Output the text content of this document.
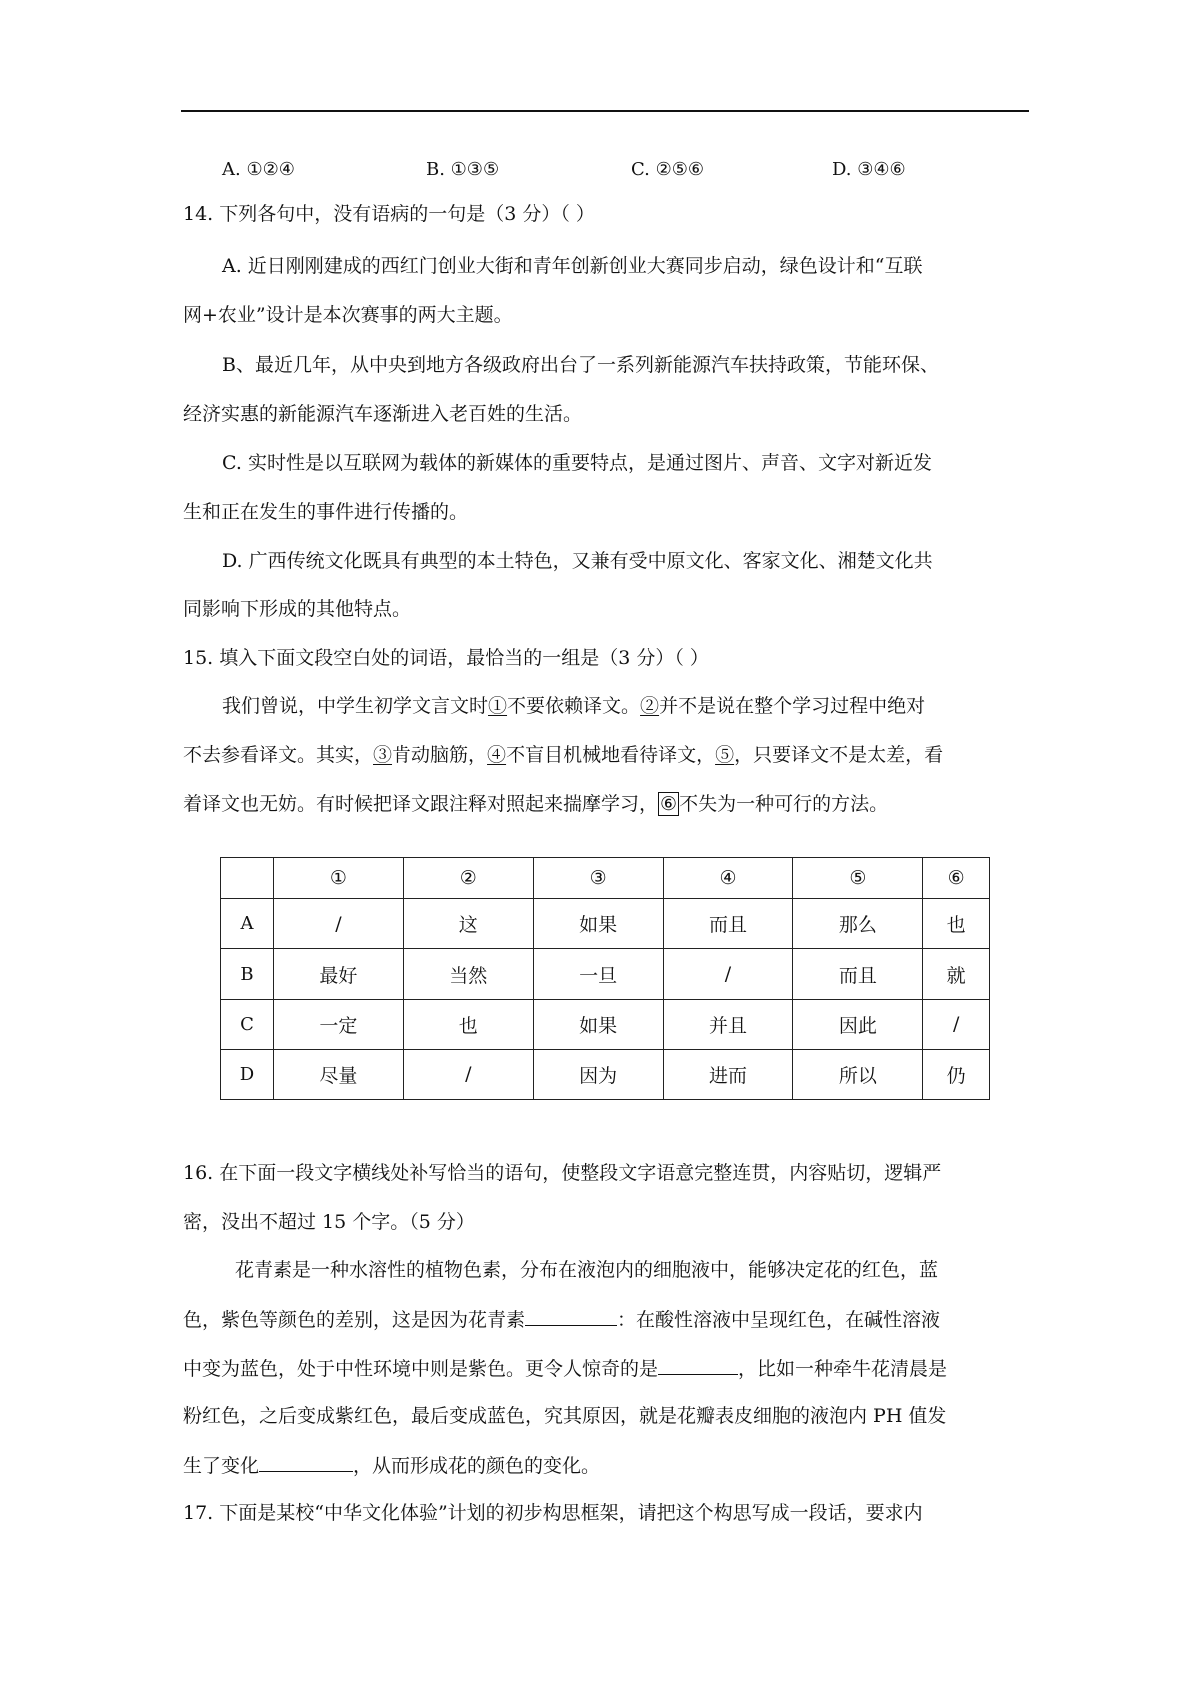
A. ①②④	B. ①③⑤	C. ②⑤⑥	D. ③④⑥
14. 下列各句中，没有语病的一句是（3 分）（ ）
A. 近日刚刚建成的西红门创业大街和青年创新创业大赛同步启动，绿色设计和“互联
网+农业”设计是本次赛事的两大主题。
B、最近几年，从中央到地方各级政府出台了一系列新能源汽车扶持政策，节能环保、
经济实惠的新能源汽车逐渐进入老百姓的生活。
C. 实时性是以互联网为载体的新媒体的重要特点，是通过图片、声音、文字对新近发
生和正在发生的事件进行传播的。
D. 广西传统文化既具有典型的本土特色，又兼有受中原文化、客家文化、湘楚文化共
同影响下形成的其他特点。
15. 填入下面文段空白处的词语，最恰当的一组是（3 分）（ ）
我们曾说，中学生初学文言文时①不要依赖译文。②并不是说在整个学习过程中绝对
不去参看译文。其实，③肯动脑筋，④不盲目机械地看待译文，⑤，只要译文不是太差，看
着译文也无妨。有时候把译文跟注释对照起来揣摩学习， ⑥ 不失为一种可行的方法。
	①	②	③	④	⑤	⑥
A	/	这	如果	而且	那么	也
B	最好	当然	一旦	/	而且	就
C	一定	也	如果	并且	因此	/
D	尽量	/	因为	进而	所以	仍
16. 在下面一段文字横线处补写恰当的语句，使整段文字语意完整连贯，内容贴切，逻辑严
密，没出不超过 15 个字。（5 分）
花青素是一种水溶性的植物色素，分布在液泡内的细胞液中，能够决定花的红色，蓝
色，紫色等颜色的差别，这是因为花青素	：在酸性溶液中呈现红色，在碱性溶液
中变为蓝色，处于中性环境中则是紫色。更令人惊奇的是	，比如一种牵牛花清晨是
粉红色，之后变成紫红色，最后变成蓝色，究其原因，就是花瓣表皮细胞的液泡内 PH 值发
生了变化	，从而形成花的颜色的变化。
17. 下面是某校“中华文化体验”计划的初步构思框架，请把这个构思写成一段话，要求内
